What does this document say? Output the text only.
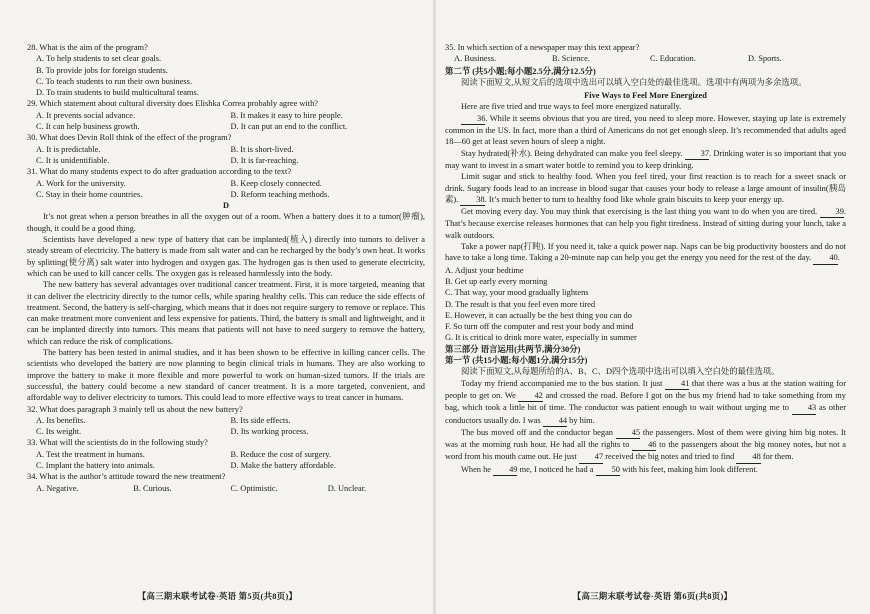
28. What is the aim of the program?

A. To help students to set clear goals.

B. To provide jobs for foreign students.

C. To teach students to run their own business.

D. To train students to build multicultural teams.

29. Which statement about cultural diversity does Elishka Correa probably agree with?

A. It prevents social advance.	B. It makes it easy to hire people.
C. It can help business growth.	D. It can put an end to the conflict.

30. What does Devin Roll think of the effect of the program?

A. It is predictable.	B. It is short-lived.
C. It is unidentifiable.	D. It is far-reaching.

31. What do many students expect to do after graduation according to the text?

A. Work for the university.	B. Keep closely connected.
C. Stay in their home countries.	D. Reform teaching methods.

D

It’s not great when a person breathes in all the oxygen out of a room. When a battery does it to a tumor(肿瘤), though, it could be a good thing.

Scientists have developed a new type of battery that can be implanted(植入) directly into tumors to deliver a steady stream of electricity. The battery is made from salt water and can be recharged by the body’s own heat. It works by splitting(使分离) salt water into hydrogen and oxygen gas. The hydrogen gas is then used to generate electricity, which can be used to kill cancer cells. The oxygen gas is released harmlessly into the body.

The new battery has several advantages over traditional cancer treatment. First, it is more targeted, meaning that it can deliver the electricity directly to the tumor cells, while sparing healthy cells. This can reduce the side effects of treatment. Second, the battery is self-charging, which means that it does not require surgery to remove or replace. This can make treatment more convenient and less expensive for patients. Third, the battery is small and lightweight, and it can be implanted directly into tumors. This means that patients will not have to need surgery to remove the battery, which can reduce the risk of complications.

The battery has been tested in animal studies, and it has been shown to be effective in killing cancer cells. The scientists who developed the battery are now planning to begin clinical trials in humans. They are also working to improve the battery to make it more flexible and more powerful to work on human-sized tumors. If the trials are successful, the battery could become a new standard of cancer treatment. It is a more targeted, convenient, and affordable way to deliver electricity to tumors. This could lead to more effective ways to treat cancer in humans.

32. What does paragraph 3 mainly tell us about the new battery?

A. Its benefits.	B. Its side effects.
C. Its weight.	D. Its working process.

33. What will the scientists do in the following study?

A. Test the treatment in humans.	B. Reduce the cost of surgery.
C. Implant the battery into animals.	D. Make the battery affordable.

34. What is the author’s attitude toward the new treatment?

A. Negative.	B. Curious.	C. Optimistic.	D. Unclear.
【高三期末联考试卷·英语 第5页(共8页)】

35. In which section of a newspaper may this text appear?

A. Business.	B. Science.	C. Education.	D. Sports.

第二节 (共5小题;每小题2.5分,满分12.5分)

阅读下面短文,从短文后的选项中选出可以填入空白处的最佳选项。选项中有两项为多余选项。

Five Ways to Feel More Energized

Here are five tried and true ways to feel more energized naturally.

36. While it seems obvious that you are tired, you need to sleep more. However, staying up late is extremely common in the US. In fact, more than a third of Americans do not get enough sleep. It’s recommended that adults aged 18—60 get at least seven hours of sleep a night.

Stay hydrated(补水). Being dehydrated can make you feel sleepy. 37. Drinking water is so important that you may want to invest in a smart water bottle to remind you to keep drinking.

Limit sugar and stick to healthy food. When you feel tired, your first reaction is to reach for a sweet snack or drink. Sugary foods lead to an increase in blood sugar that causes your body to release a large amount of insulin(胰岛素). 38. It’s much better to turn to healthy food like whole grain biscuits to keep your energy up.

Get moving every day. You may think that exercising is the last thing you want to do when you are tired. 39. That’s because exercise releases hormones that can help you fight tiredness. Instead of sitting during your lunch, take a walk outdoors.

Take a power nap(打盹). If you need it, take a quick power nap. Naps can be big productivity boosters and do not have to take a long time. Taking a 20-minute nap can help you get the energy you need for the rest of the day. 40.

A. Adjust your bedtime

B. Get up early every morning

C. That way, your mood gradually lightens

D. The result is that you feel even more tired

E. However, it can actually be the best thing you can do

F. So turn off the computer and rest your body and mind

G. It is critical to drink more water, especially in summer

第三部分 语言运用(共两节,满分30分)

第一节 (共15小题;每小题1分,满分15分)

阅读下面短文,从每题所给的A、B、C、D四个选项中选出可以填入空白处的最佳选项。

Today my friend accompanied me to the bus station. It just 41 that there was a bus at the station waiting for people to get on. We 42 and crossed the road. Before I got on the bus my friend had to take something from my bag, which took a little bit of time. The conductor was patient enough to wait without urging me to 43 as other conductors usually do. I was 44 by him.

The bus moved off and the conductor began 45 the passengers. Most of them were giving him big notes. It was at the morning rush hour. He had all the rights to 46 to the passengers about the big money notes, but not a word from his mouth came out. He just 47 received the big notes and tried to find 48 for them.

When he 49 me, I noticed he had a 50 with his feet, making him look different.

【高三期末联考试卷·英语 第6页(共8页)】
